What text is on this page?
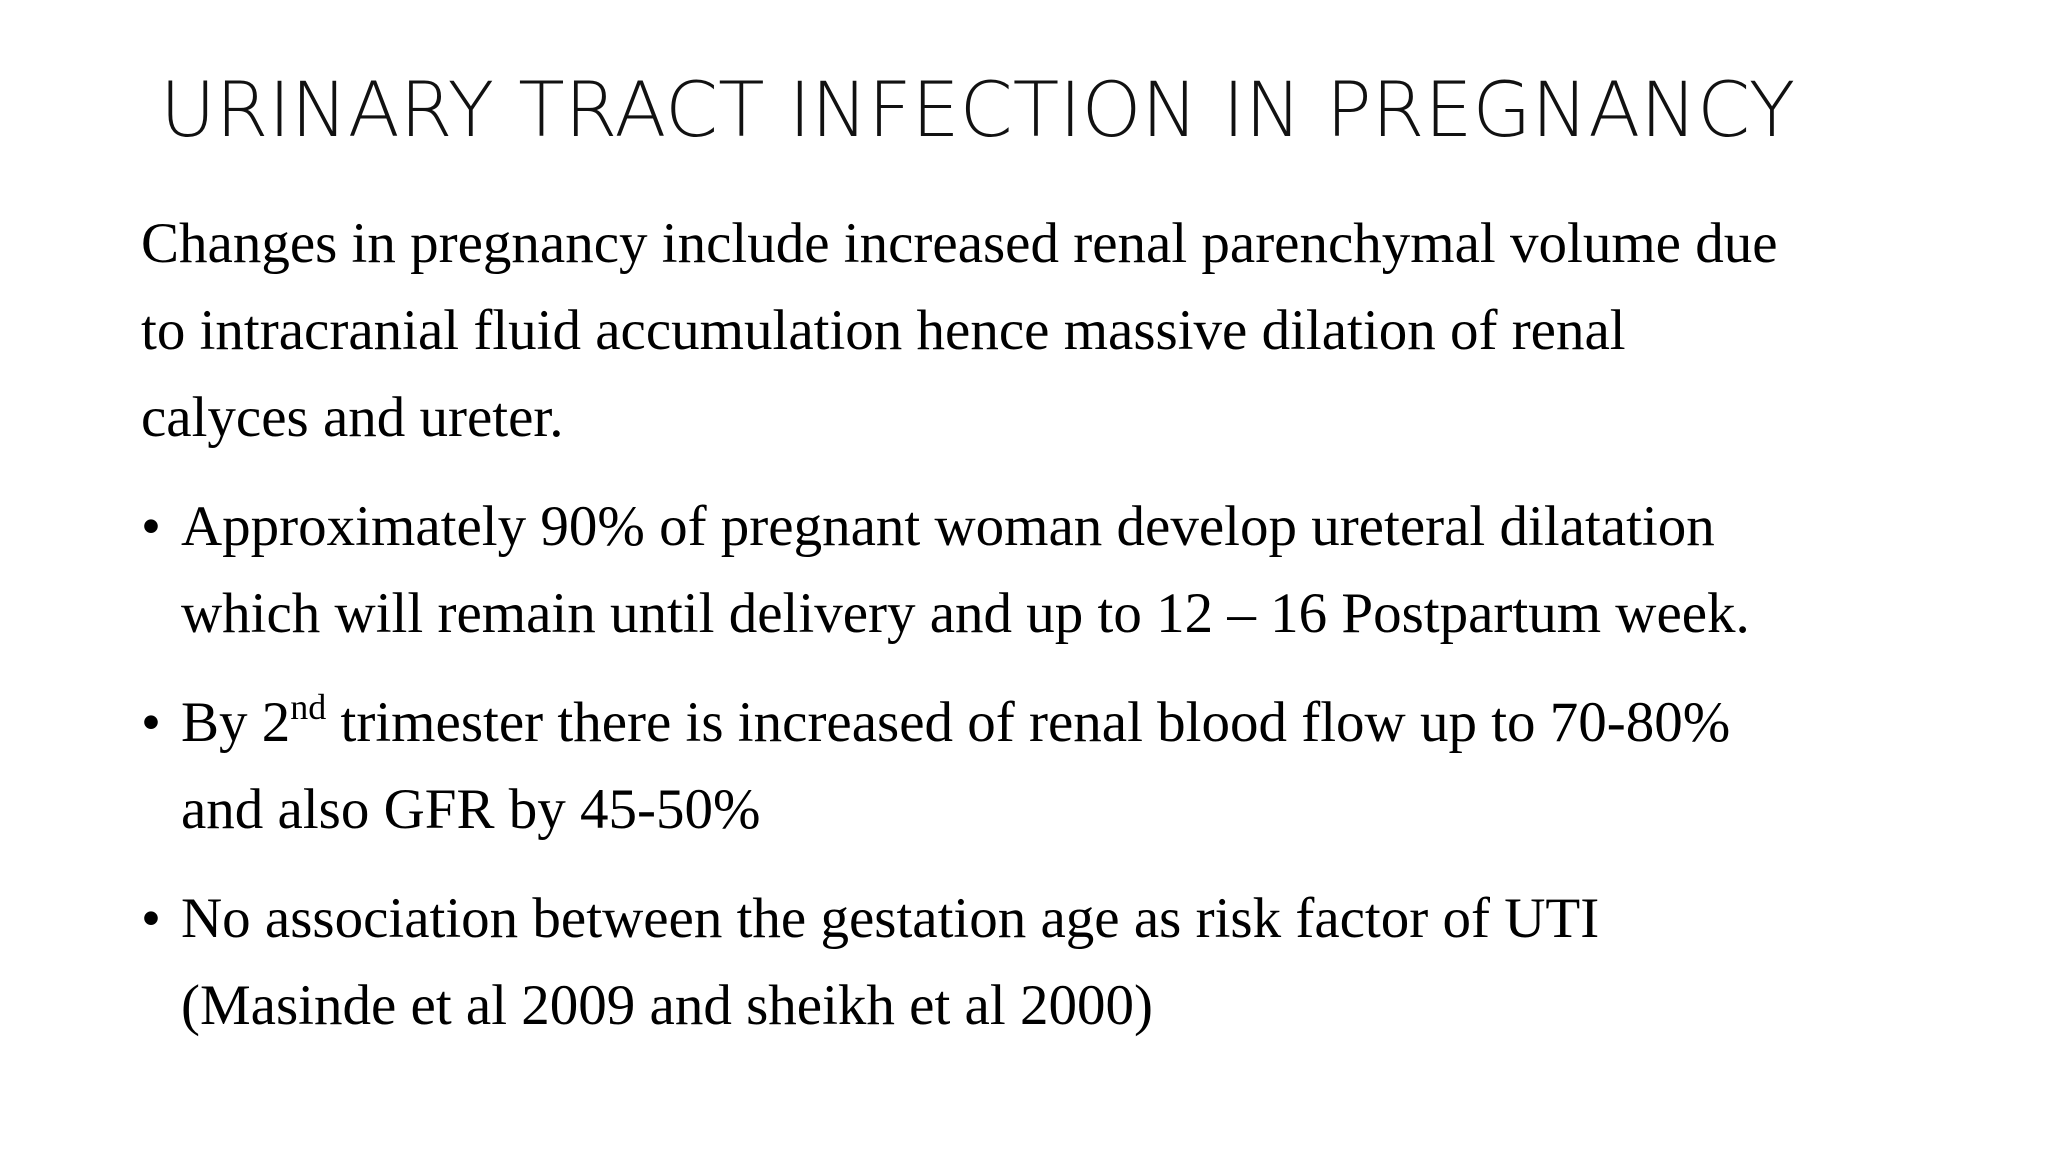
URINARY TRACT INFECTION IN PREGNANCY

Changes in pregnancy include increased renal parenchymal volume due
to intracranial fluid accumulation hence massive dilation of renal
calyces and ureter.

• Approximately 90% of pregnant woman develop ureteral dilatation
which will remain until delivery and up to 12 – 16 Postpartum week.
• By 2nd trimester there is increased of renal blood flow up to 70-80%
and also GFR by 45-50%
• No association between the gestation age as risk factor of UTI
(Masinde et al 2009 and sheikh et al 2000)
